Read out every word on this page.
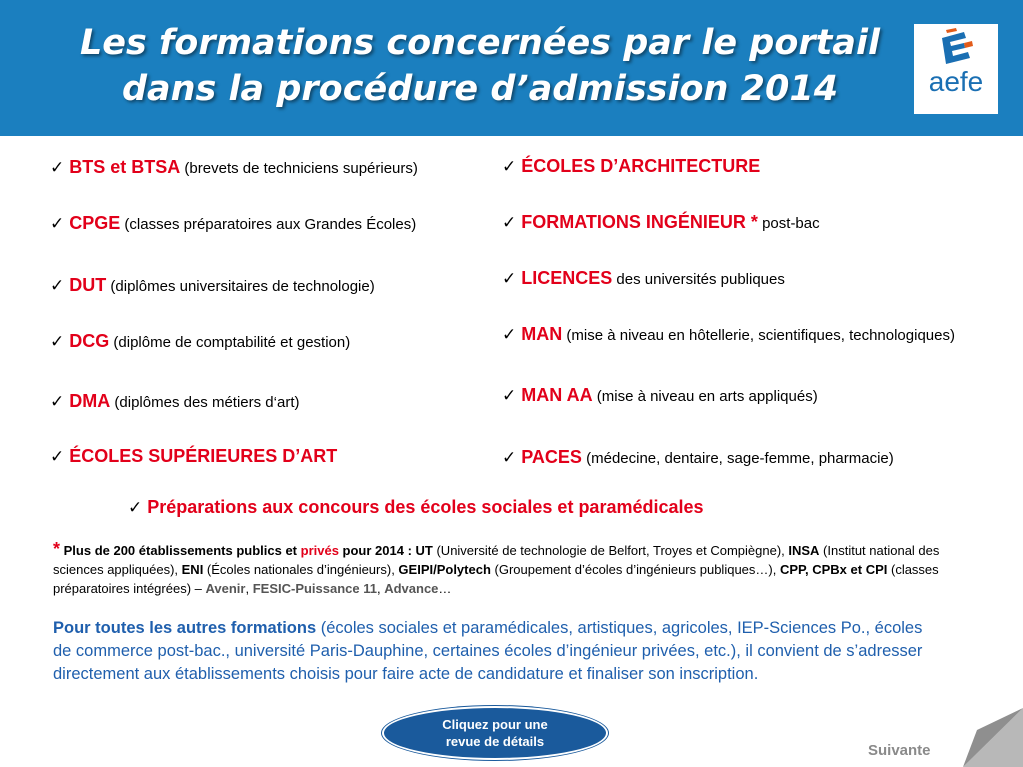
Les formations concernées par le portail
dans la procédure d’admission 2014	aefe
✓ BTS et BTSA (brevets de techniciens supérieurs)
✓ CPGE (classes préparatoires aux Grandes Écoles)
✓ DUT (diplômes universitaires de technologie)
✓ DCG (diplôme de comptabilité et gestion)
✓ DMA (diplômes des métiers d‘art)
✓ ÉCOLES SUPÉRIEURES D’ART
✓ ÉCOLES D’ARCHITECTURE
✓ FORMATIONS INGÉNIEUR * post-bac
✓ LICENCES des universités publiques
✓ MAN (mise à niveau en hôtellerie, scientifiques, technologiques)
✓ MAN AA (mise à niveau en arts appliqués)
✓ PACES (médecine, dentaire, sage-femme, pharmacie)
✓ Préparations aux concours des écoles sociales et paramédicales
* Plus de 200 établissements publics et privés pour 2014 : UT (Université de technologie de Belfort, Troyes et Compiègne), INSA (Institut national des sciences appliquées), ENI (Écoles nationales d’ingénieurs), GEIPI/Polytech (Groupement d’écoles d’ingénieurs publiques…), CPP, CPBx et CPI (classes préparatoires intégrées) – Avenir, FESIC-Puissance 11, Advance…
Pour toutes les autres formations (écoles sociales et paramédicales, artistiques, agricoles, IEP-Sciences Po., écoles de commerce post-bac., université Paris-Dauphine, certaines écoles d’ingénieur privées, etc.), il convient de s’adresser directement aux établissements choisis pour faire acte de candidature et finaliser son inscription.
Cliquez pour une
revue de détails
Suivante
